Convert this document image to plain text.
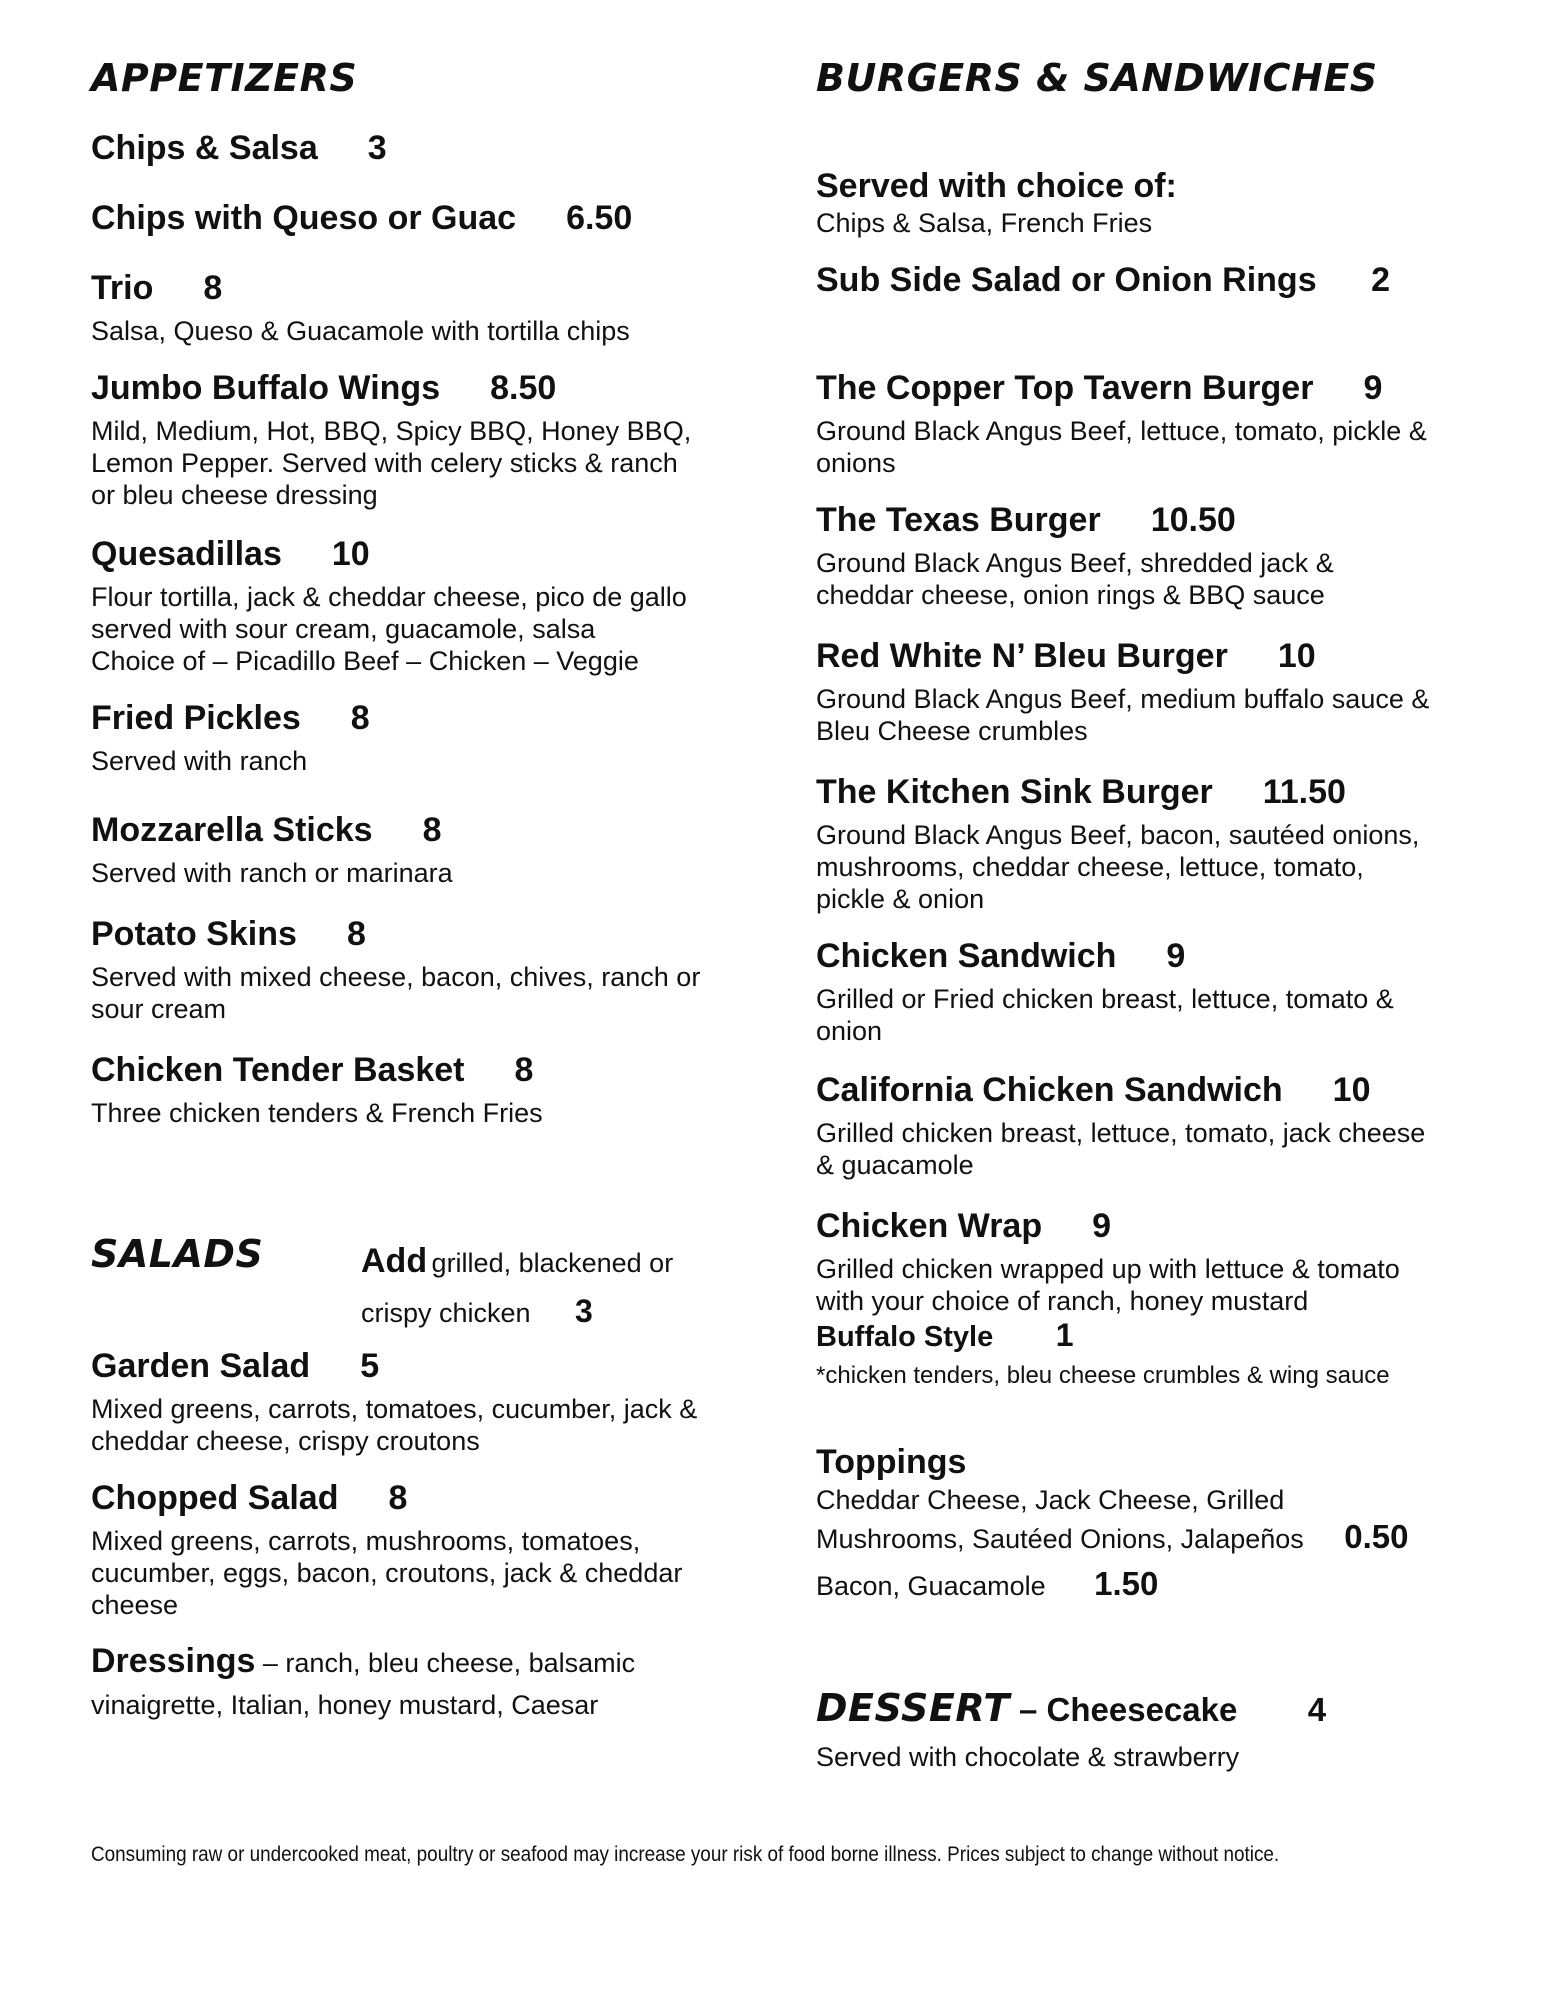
APPETIZERS
Chips & Salsa 3
Chips with Queso or Guac 6.50
Trio 8
Salsa, Queso & Guacamole with tortilla chips
Jumbo Buffalo Wings 8.50
Mild, Medium, Hot, BBQ, Spicy BBQ, Honey BBQ,
Lemon Pepper. Served with celery sticks & ranch
or bleu cheese dressing
Quesadillas 10
Flour tortilla, jack & cheddar cheese, pico de gallo
served with sour cream, guacamole, salsa
Choice of – Picadillo Beef – Chicken – Veggie
Fried Pickles 8
Served with ranch
Mozzarella Sticks 8
Served with ranch or marinara
Potato Skins 8
Served with mixed cheese, bacon, chives, ranch or
sour cream
Chicken Tender Basket 8
Three chicken tenders & French Fries
SALADS	Add grilled, blackened or
crispy chicken 3
Garden Salad 5
Mixed greens, carrots, tomatoes, cucumber, jack &
cheddar cheese, crispy croutons
Chopped Salad 8
Mixed greens, carrots, mushrooms, tomatoes,
cucumber, eggs, bacon, croutons, jack & cheddar
cheese
Dressings – ranch, bleu cheese, balsamic
vinaigrette, Italian, honey mustard, Caesar
BURGERS & SANDWICHES
Served with choice of:
Chips & Salsa, French Fries
Sub Side Salad or Onion Rings 2
The Copper Top Tavern Burger 9
Ground Black Angus Beef, lettuce, tomato, pickle &
onions
The Texas Burger 10.50
Ground Black Angus Beef, shredded jack &
cheddar cheese, onion rings & BBQ sauce
Red White N’ Bleu Burger 10
Ground Black Angus Beef, medium buffalo sauce &
Bleu Cheese crumbles
The Kitchen Sink Burger 11.50
Ground Black Angus Beef, bacon, sautéed onions,
mushrooms, cheddar cheese, lettuce, tomato,
pickle & onion
Chicken Sandwich 9
Grilled or Fried chicken breast, lettuce, tomato &
onion
California Chicken Sandwich 10
Grilled chicken breast, lettuce, tomato, jack cheese
& guacamole
Chicken Wrap 9
Grilled chicken wrapped up with lettuce & tomato
with your choice of ranch, honey mustard
Buffalo Style 1
*chicken tenders, bleu cheese crumbles & wing sauce
Toppings
Cheddar Cheese, Jack Cheese, Grilled
Mushrooms, Sautéed Onions, Jalapeños 0.50
Bacon, Guacamole 1.50
DESSERT – Cheesecake 4
Served with chocolate & strawberry
Consuming raw or undercooked meat, poultry or seafood may increase your risk of food borne illness. Prices subject to change without notice.
